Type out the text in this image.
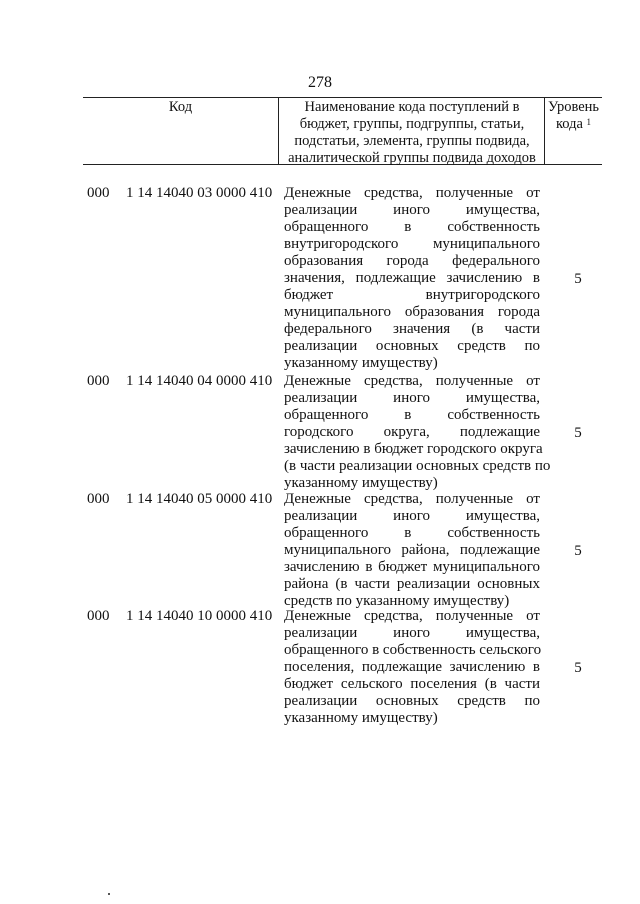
278
Код	Наименование кода поступлений в
бюджет, группы, подгруппы, статьи,
подстатьи, элемента, группы подвида,
аналитической группы подвида доходов
Уровень
кода $^1$
000 1 14 14040 03 0000 410 Денежные средства, полученные от
реализации иного имущества,
обращенного в собственность
внутригородского муниципального
образования города федерального
значения, подлежащие зачислению в
бюджет внутригородского
муниципального образования города
федерального значения (в части
реализации основных средств по
указанному имуществу)
5
000 1 14 14040 04 0000 410 Денежные средства, полученные от
реализации иного имущества,
обращенного в собственность
городского округа, подлежащие
зачислению в бюджет городского округа
(в части реализации основных средств по
указанному имуществу)
5
000 1 14 14040 05 0000 410 Денежные средства, полученные от
реализации иного имущества,
обращенного в собственность
муниципального района, подлежащие
зачислению в бюджет муниципального
района (в части реализации основных
средств по указанному имуществу)
5
000 1 14 14040 10 0000 410 Денежные средства, полученные от
реализации иного имущества,
обращенного в собственность сельского
поселения, подлежащие зачислению в
бюджет сельского поселения (в части
реализации основных средств по
указанному имуществу)
5
